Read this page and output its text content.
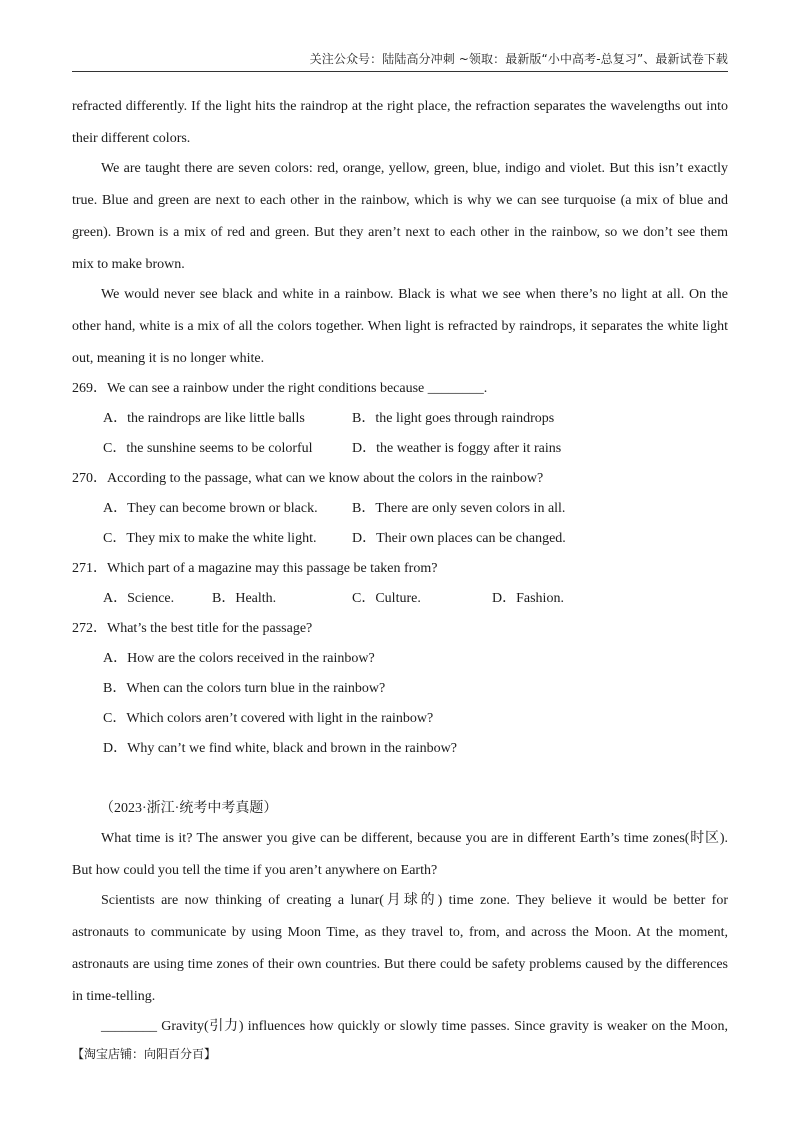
关注公众号：陆陆高分冲刺 ~领取：最新版“小中高考-总复习”、最新试卷下载
refracted differently. If the light hits the raindrop at the right place, the refraction separates the wavelengths out into
their different colors.
We are taught there are seven colors: red, orange, yellow, green, blue, indigo and violet. But this isn’t exactly
true. Blue and green are next to each other in the rainbow, which is why we can see turquoise (a mix of blue and
green). Brown is a mix of red and green. But they aren’t next to each other in the rainbow, so we don’t see them
mix to make brown.
We would never see black and white in a rainbow. Black is what we see when there’s no light at all. On the
other hand, white is a mix of all the colors together. When light is refracted by raindrops, it separates the white light
out, meaning it is no longer white.
269．We can see a rainbow under the right conditions because ________.
A．the raindrops are like little balls	B．the light goes through raindrops
C．the sunshine seems to be colorful	D．the weather is foggy after it rains
270．According to the passage, what can we know about the colors in the rainbow?
A．They can become brown or black. B．There are only seven colors in all.
C．They mix to make the white light.	D．Their own places can be changed.
271．Which part of a magazine may this passage be taken from?
A．Science.	B．Health.	C．Culture.	D．Fashion.
272．What’s the best title for the passage?
A．How are the colors received in the rainbow?
B．When can the colors turn blue in the rainbow?
C．Which colors aren’t covered with light in the rainbow?
D．Why can’t we find white, black and brown in the rainbow?
（2023·浙江·统考中考真题）
What time is it? The answer you give can be different, because you are in different Earth’s time zones(时区).
But how could you tell the time if you aren’t anywhere on Earth?
Scientists are now thinking of creating a lunar(月球的) time zone. They believe it would be better for
astronauts to communicate by using Moon Time, as they travel to, from, and across the Moon. At the moment,
astronauts are using time zones of their own countries. But there could be safety problems caused by the differences
in time-telling.
________ Gravity(引力) influences how quickly or slowly time passes. Since gravity is weaker on the Moon,
【淘宝店铺：向阳百分百】
